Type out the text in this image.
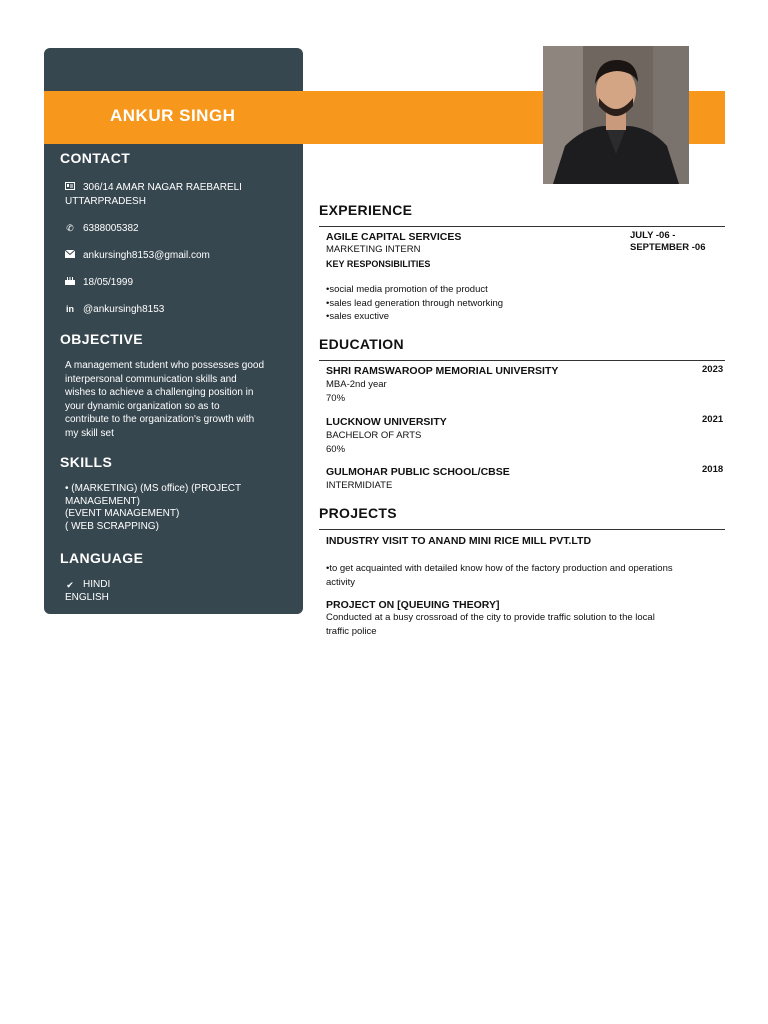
ANKUR SINGH
CONTACT
306/14 AMAR NAGAR RAEBARELI
UTTARPRADESH
✆ 6388005382
ankursingh8153@gmail.com
18/05/1999
in @ankursingh8153
OBJECTIVE
A management student who possesses good
interpersonal communication skills and
wishes to achieve a challenging position in
your dynamic organization so as to
contribute to the organization's growth with
my skill set
SKILLS
• (MARKETING) (MS office) (PROJECT
MANAGEMENT)
(EVENT MANAGEMENT)
( WEB SCRAPPING)
LANGUAGE
✔ HINDI
ENGLISH
EXPERIENCE
AGILE CAPITAL SERVICES
MARKETING INTERN
KEY RESPONSIBILITIES
JULY -06 -
SEPTEMBER -06
•social media promotion of the product
•sales lead generation through networking
•sales exuctive
EDUCATION
SHRI RAMSWAROOP MEMORIAL UNIVERSITY	2023
MBA-2nd year
70%
LUCKNOW UNIVERSITY	2021
BACHELOR OF ARTS
60%
GULMOHAR PUBLIC SCHOOL/CBSE	2018
INTERMIDIATE
PROJECTS
INDUSTRY VISIT TO ANAND MINI RICE MILL PVT.LTD
•to get acquainted with detailed know how of the factory production and operations
activity
PROJECT ON [QUEUING THEORY]
Conducted at a busy crossroad of the city to provide traffic solution to the local
traffic police
